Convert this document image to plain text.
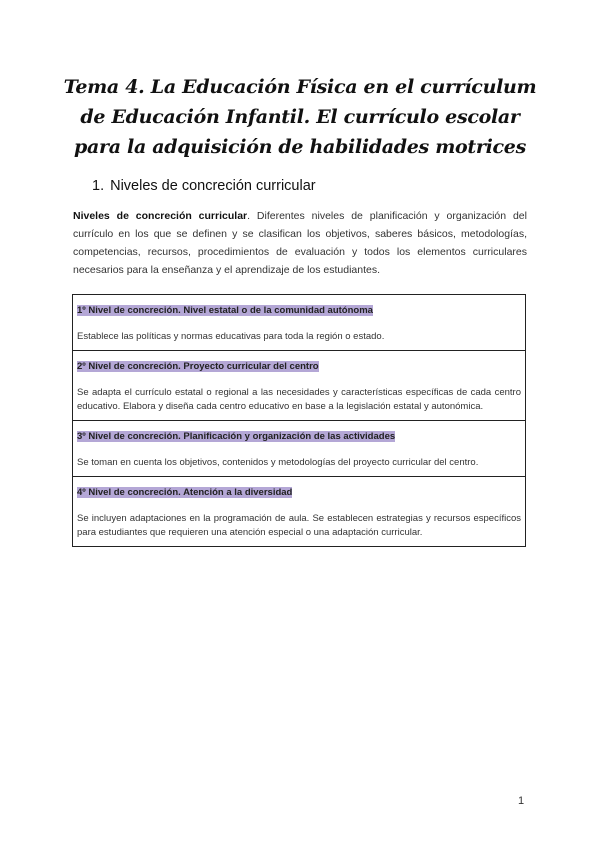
Tema 4. La Educación Física en el currículum de Educación Infantil. El currículo escolar para la adquisición de habilidades motrices
1. Niveles de concreción curricular
Niveles de concreción curricular. Diferentes niveles de planificación y organización del currículo en los que se definen y se clasifican los objetivos, saberes básicos, metodologías, competencias, recursos, procedimientos de evaluación y todos los elementos curriculares necesarios para la enseñanza y el aprendizaje de los estudiantes.
1º Nivel de concreción. Nivel estatal o de la comunidad autónoma
Establece las políticas y normas educativas para toda la región o estado.
2º Nivel de concreción. Proyecto curricular del centro
Se adapta el currículo estatal o regional a las necesidades y características específicas de cada centro educativo. Elabora y diseña cada centro educativo en base a la legislación estatal y autonómica.
3º Nivel de concreción. Planificación y organización de las actividades
Se toman en cuenta los objetivos, contenidos y metodologías del proyecto curricular del centro.
4º Nivel de concreción. Atención a la diversidad
Se incluyen adaptaciones en la programación de aula. Se establecen estrategias y recursos específicos para estudiantes que requieren una atención especial o una adaptación curricular.
1
